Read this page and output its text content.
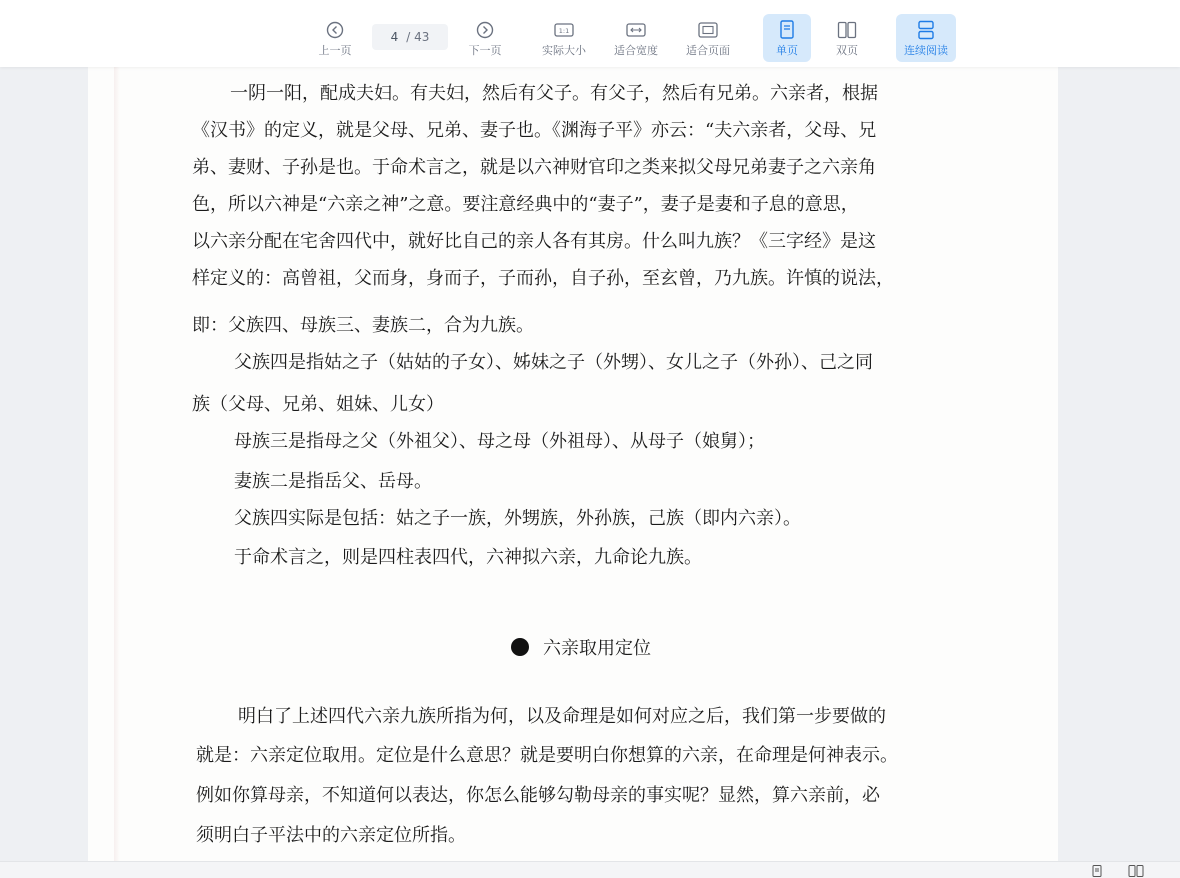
上一页
4 / 43
下一页
1:1
实际大小	适合宽度	适合页面	单页	双页	连续阅读
一阴一阳，配成夫妇。有夫妇，然后有父子。有父子，然后有兄弟。六亲者，根据
《汉书》的定义，就是父母、兄弟、妻子也。《渊海子平》亦云：“夫六亲者，父母、兄
弟、妻财、子孙是也。于命术言之，就是以六神财官印之类来拟父母兄弟妻子之六亲角
色，所以六神是“六亲之神”之意。要注意经典中的“妻子”，妻子是妻和子息的意思，
以六亲分配在宅舍四代中，就好比自己的亲人各有其房。什么叫九族？《三字经》是这
样定义的：高曾祖，父而身，身而子，子而孙，自子孙，至玄曾，乃九族。许慎的说法，
即：父族四、母族三、妻族二，合为九族。
父族四是指姑之子（姑姑的子女）、姊妹之子（外甥）、女儿之子（外孙）、己之同
族（父母、兄弟、姐妹、儿女）
母族三是指母之父（外祖父）、母之母（外祖母）、从母子（娘舅）；
妻族二是指岳父、岳母。
父族四实际是包括：姑之子一族，外甥族，外孙族，己族（即内六亲）。
于命术言之，则是四柱表四代，六神拟六亲，九命论九族。
六亲取用定位
明白了上述四代六亲九族所指为何，以及命理是如何对应之后，我们第一步要做的
就是：六亲定位取用。定位是什么意思？就是要明白你想算的六亲，在命理是何神表示。
例如你算母亲，不知道何以表达，你怎么能够勾勒母亲的事实呢？显然，算六亲前，必
须明白子平法中的六亲定位所指。
